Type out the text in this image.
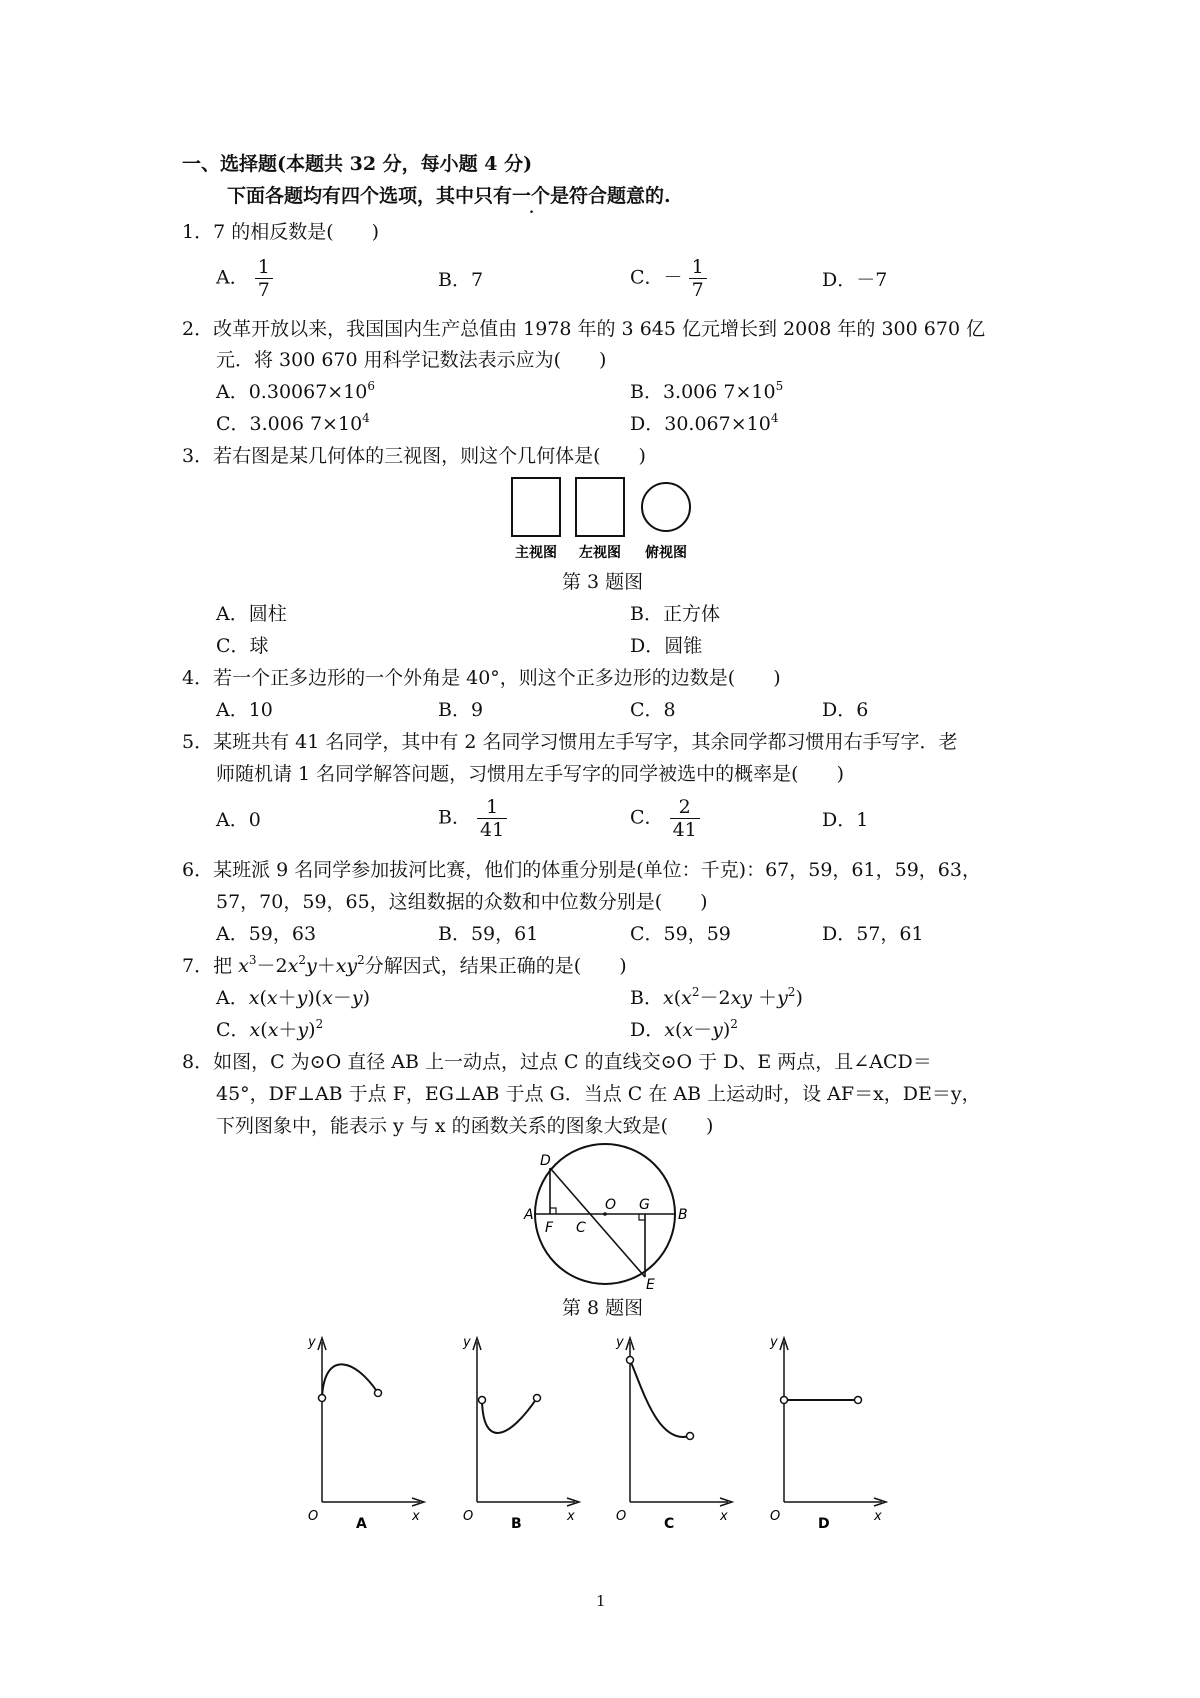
一、选择题(本题共 32 分，每小题 4 分)
下面各题均有四个选项，其中只有一个是符合题意的.
1．7 的相反数是(　　)
A． $\frac{1}{7}$	B．7	C．－ $\frac{1}{7}$	D．－7
2．改革开放以来，我国国内生产总值由 1978 年的 3 645 亿元增长到 2008 年的 300 670 亿
元．将 300 670 用科学记数法表示应为(　　)
A．$0.30067\times 10^6$	B．3.006 $7\times 10^5$
C．3.006 $7\times 10^4$	D．$30.067\times 10^4$
3．若右图是某几何体的三视图，则这个几何体是(　　)
主视图 左视图 俯视图
第 3 题图
A．圆柱	B．正方体
C．球	D．圆锥
4．若一个正多边形的一个外角是 40°，则这个正多边形的边数是(　　)
A．10	B．9	C．8	D．6
5．某班共有 41 名同学，其中有 2 名同学习惯用左手写字，其余同学都习惯用右手写字．老
师随机请 1 名同学解答问题，习惯用左手写字的同学被选中的概率是(　　)
A．0	B． $\frac{1}{41}$	C． $\frac{2}{41}$	D．1
6．某班派 9 名同学参加拔河比赛，他们的体重分别是(单位：千克)：67，59，61，59，63，
57，70，59，65，这组数据的众数和中位数分别是(　　)
A．59，63	B．59，61	C．59，59	D．57，61
7．把 $x^3-2x^2y+xy^2$分解因式，结果正确的是(　　)
A．x(x＋y)(x－y)	B．$x(x^2-2xy +y^2)$
C．$x(x+y)^2$	D．$x(x-y)^2$
8．如图，C 为⊙O 直径 AB 上一动点，过点 C 的直线交⊙O 于 D、E 两点，且∠ACD＝
45°，DF⊥AB 于点 F，EG⊥AB 于点 G．当点 C 在 AB 上运动时，设 AF＝x，DE＝y，
下列图象中，能表示 y 与 x 的函数关系的图象大致是(　　)
D
A
F C
O G
B
E
第 8 题图
y
x
O	A
y
x
O	B
y
x
O	C
y
x
O	D
1
